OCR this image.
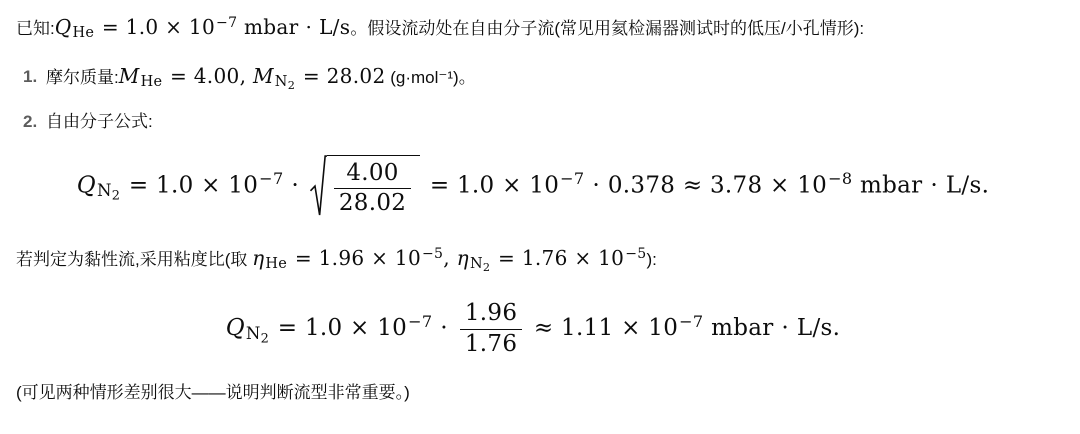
已知:QHe = $1.0 \times 10^{-7}$ mbar ⋅ L/s。假设流动处在自由分子流(常见用氦检漏器测试时的低压/小孔情形):

1. 摩尔质量:MHe = 4.00, $MN_2 = 28.02$ (g·mol⁻¹)。
2. 自由分子公式:
$QN_2 = 1.0 \times 10^{-7} \cdot \frac{4.00}{28.02} = 1.0 \times 10^{-7} \cdot 0.378 \approx 3.78 \times 10^{-8}$ mbar ⋅ L/s.

若判定为黏性流,采用粘度比(取 $\eta He = 1.96 \times 10^{-5}$, $\eta N_2 = 1.76 \times 10^{-5}$):

$QN_2 = 1.0 \times 10^{-7} \cdot \frac{1.96}{1.76} \approx 1.11 \times 10^{-7}$ mbar ⋅ L/s.

(可见两种情形差别很大——说明判断流型非常重要。)
